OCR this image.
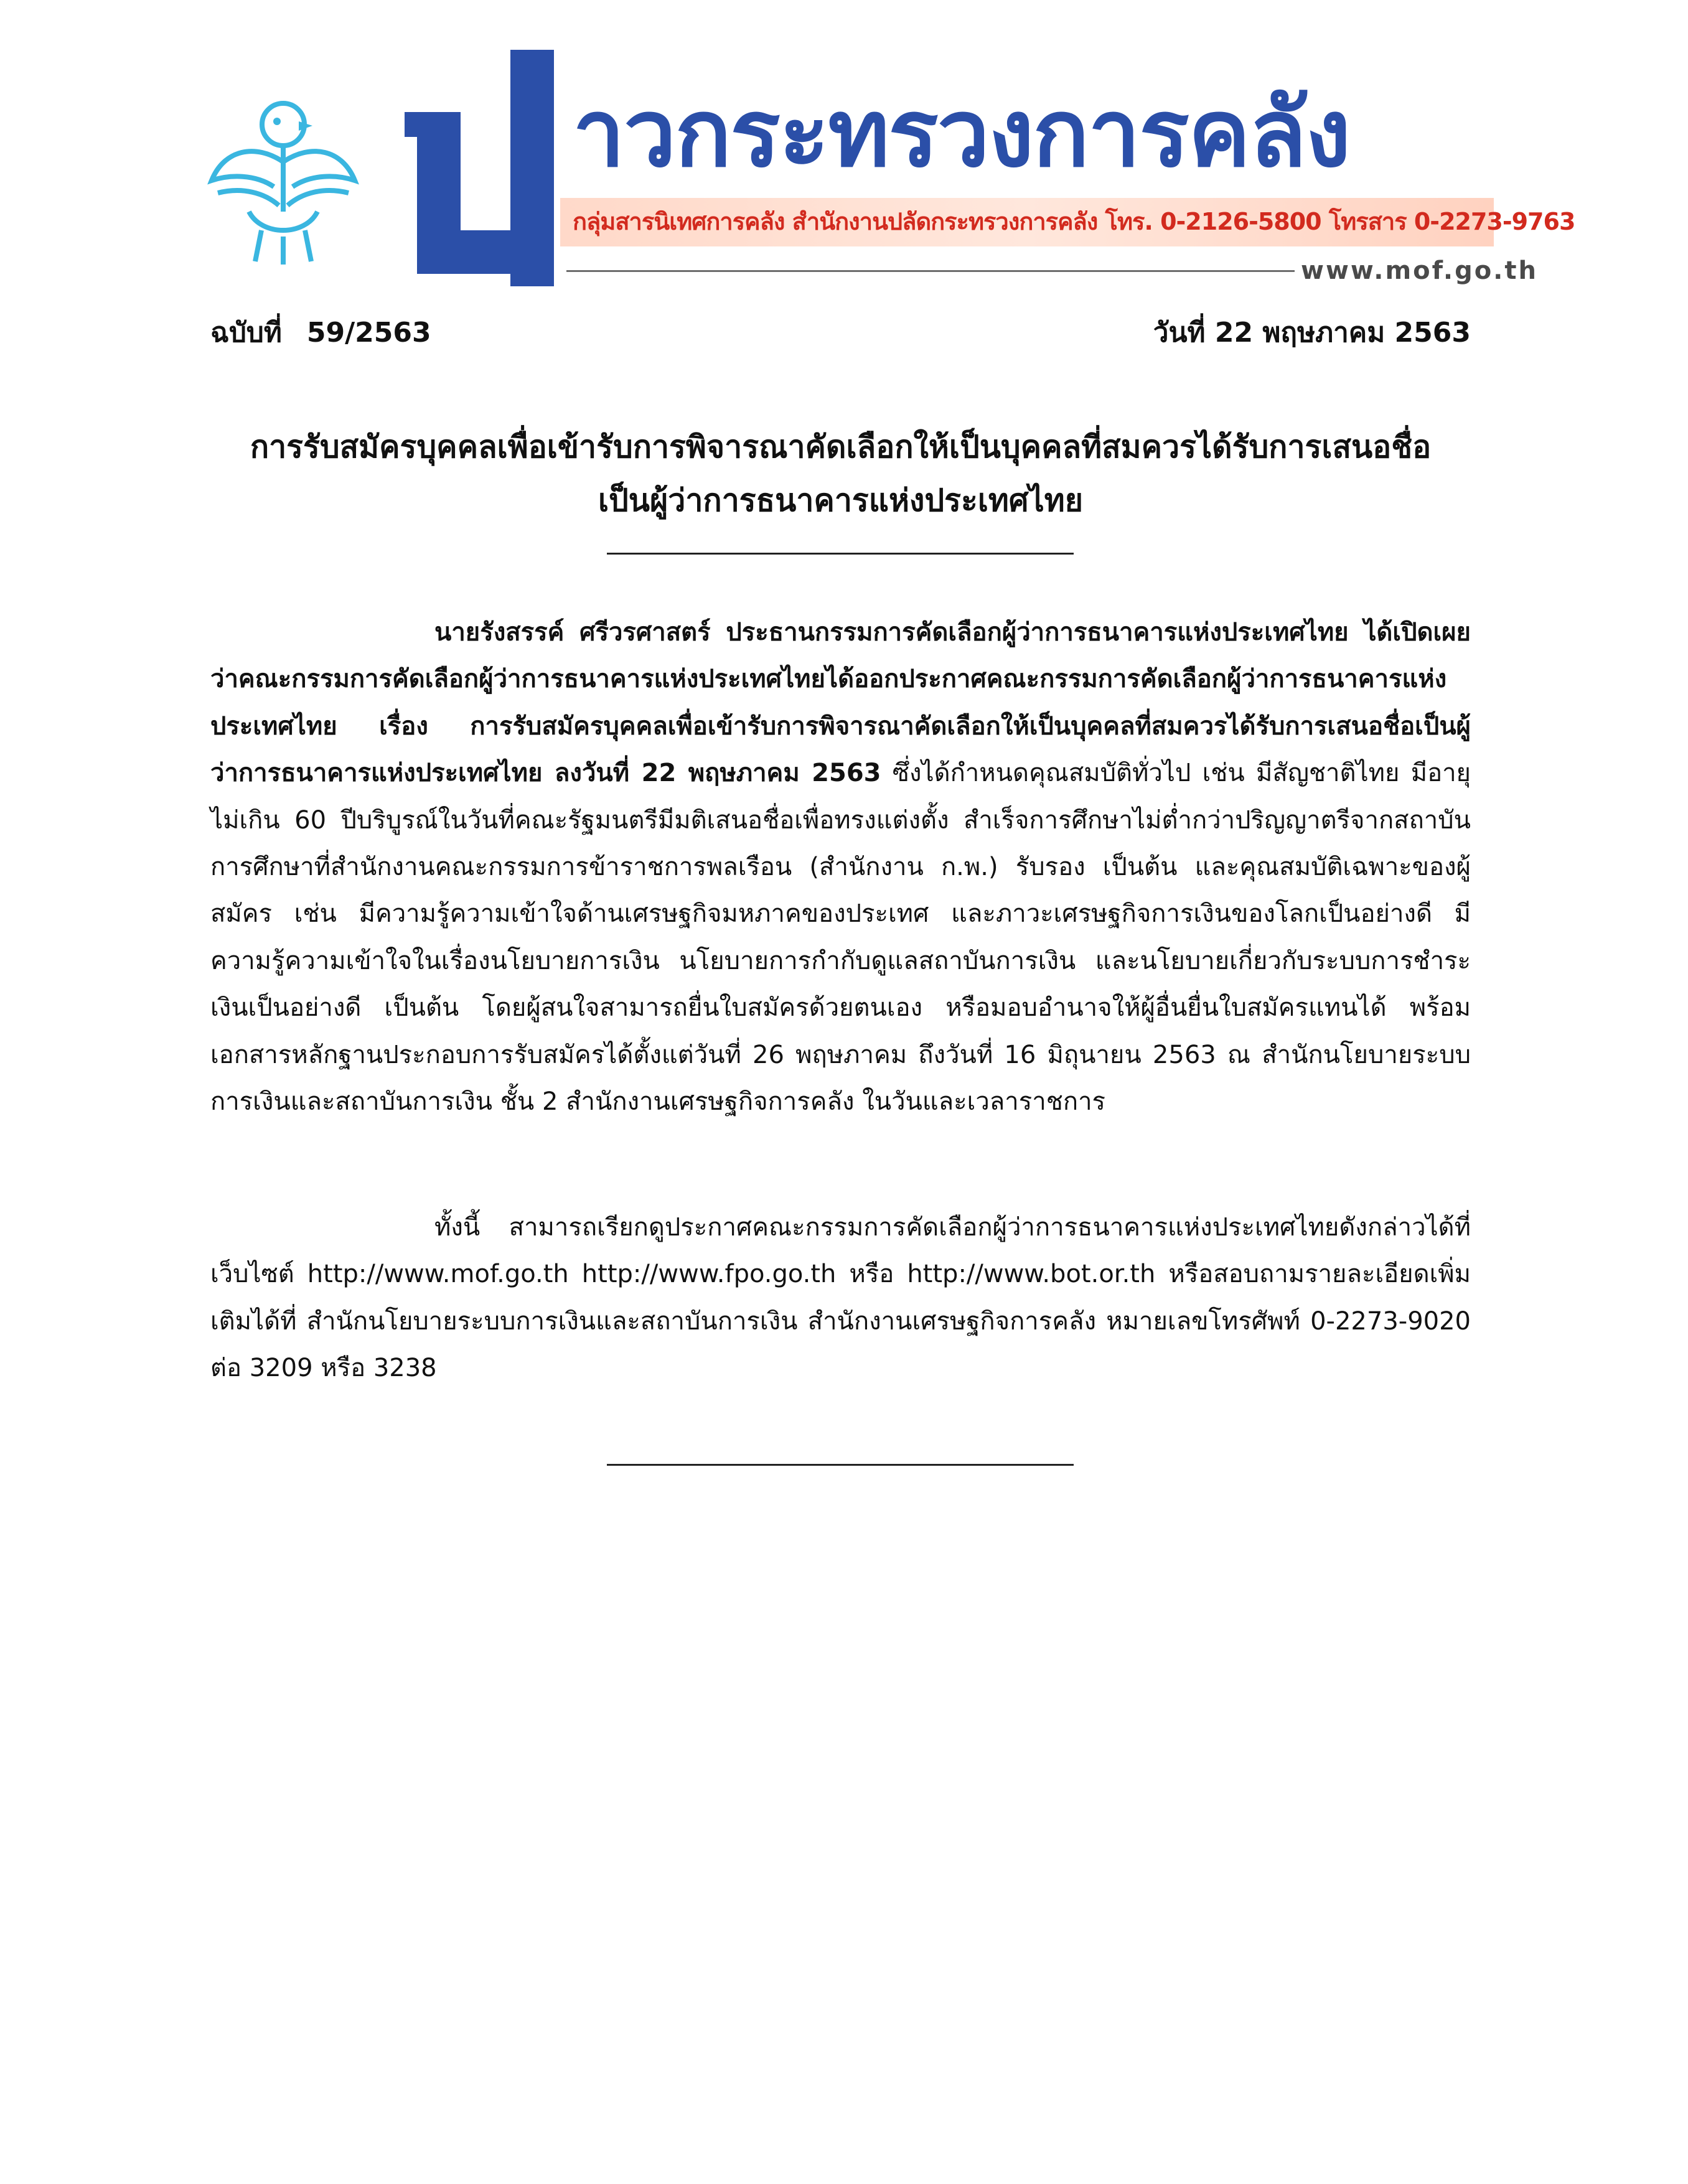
าวกระทรวงการคลัง
กลุ่มสารนิเทศการคลัง สำนักงานปลัดกระทรวงการคลัง โทร. 0-2126-5800 โทรสาร 0-2273-9763
www.mof.go.th
ฉบับที่ 59/2563	วันที่ 22 พฤษภาคม 2563
การรับสมัครบุคคลเพื่อเข้ารับการพิจารณาคัดเลือกให้เป็นบุคคลที่สมควรได้รับการเสนอชื่อ
เป็นผู้ว่าการธนาคารแห่งประเทศไทย

นายรังสรรค์ ศรีวรศาสตร์ ประธานกรรมการคัดเลือกผู้ว่าการธนาคารแห่งประเทศไทย ได้เปิดเผยว่าคณะกรรมการคัดเลือกผู้ว่าการธนาคารแห่งประเทศไทยได้ออกประกาศคณะกรรมการคัดเลือกผู้ว่าการธนาคารแห่งประเทศไทย เรื่อง การรับสมัครบุคคลเพื่อเข้ารับการพิจารณาคัดเลือกให้เป็นบุคคลที่สมควรได้รับการเสนอชื่อเป็นผู้ว่าการธนาคารแห่งประเทศไทย ลงวันที่ 22 พฤษภาคม 2563 ซึ่งได้กำหนดคุณสมบัติทั่วไป เช่น มีสัญชาติไทย มีอายุไม่เกิน 60 ปีบริบูรณ์ในวันที่คณะรัฐมนตรีมีมติเสนอชื่อเพื่อทรงแต่งตั้ง สำเร็จการศึกษาไม่ต่ำกว่าปริญญาตรีจากสถาบันการศึกษาที่สำนักงานคณะกรรมการข้าราชการพลเรือน (สำนักงาน ก.พ.) รับรอง เป็นต้น และคุณสมบัติเฉพาะของผู้สมัคร เช่น มีความรู้ความเข้าใจด้านเศรษฐกิจมหภาคของประเทศ และภาวะเศรษฐกิจการเงินของโลกเป็นอย่างดี มีความรู้ความเข้าใจในเรื่องนโยบายการเงิน นโยบายการกำกับดูแลสถาบันการเงิน และนโยบายเกี่ยวกับระบบการชำระเงินเป็นอย่างดี เป็นต้น โดยผู้สนใจสามารถยื่นใบสมัครด้วยตนเอง หรือมอบอำนาจให้ผู้อื่นยื่นใบสมัครแทนได้ พร้อมเอกสารหลักฐานประกอบการรับสมัครได้ตั้งแต่วันที่ 26 พฤษภาคม ถึงวันที่ 16 มิถุนายน 2563 ณ สำนักนโยบายระบบการเงินและสถาบันการเงิน ชั้น 2 สำนักงานเศรษฐกิจการคลัง ในวันและเวลาราชการ

ทั้งนี้ สามารถเรียกดูประกาศคณะกรรมการคัดเลือกผู้ว่าการธนาคารแห่งประเทศไทยดังกล่าวได้ที่ เว็บไซต์ http://www.mof.go.th http://www.fpo.go.th หรือ http://www.bot.or.th หรือสอบถามรายละเอียดเพิ่มเติมได้ที่ สำนักนโยบายระบบการเงินและสถาบันการเงิน สำนักงานเศรษฐกิจการคลัง หมายเลขโทรศัพท์ 0-2273-9020 ต่อ 3209 หรือ 3238
